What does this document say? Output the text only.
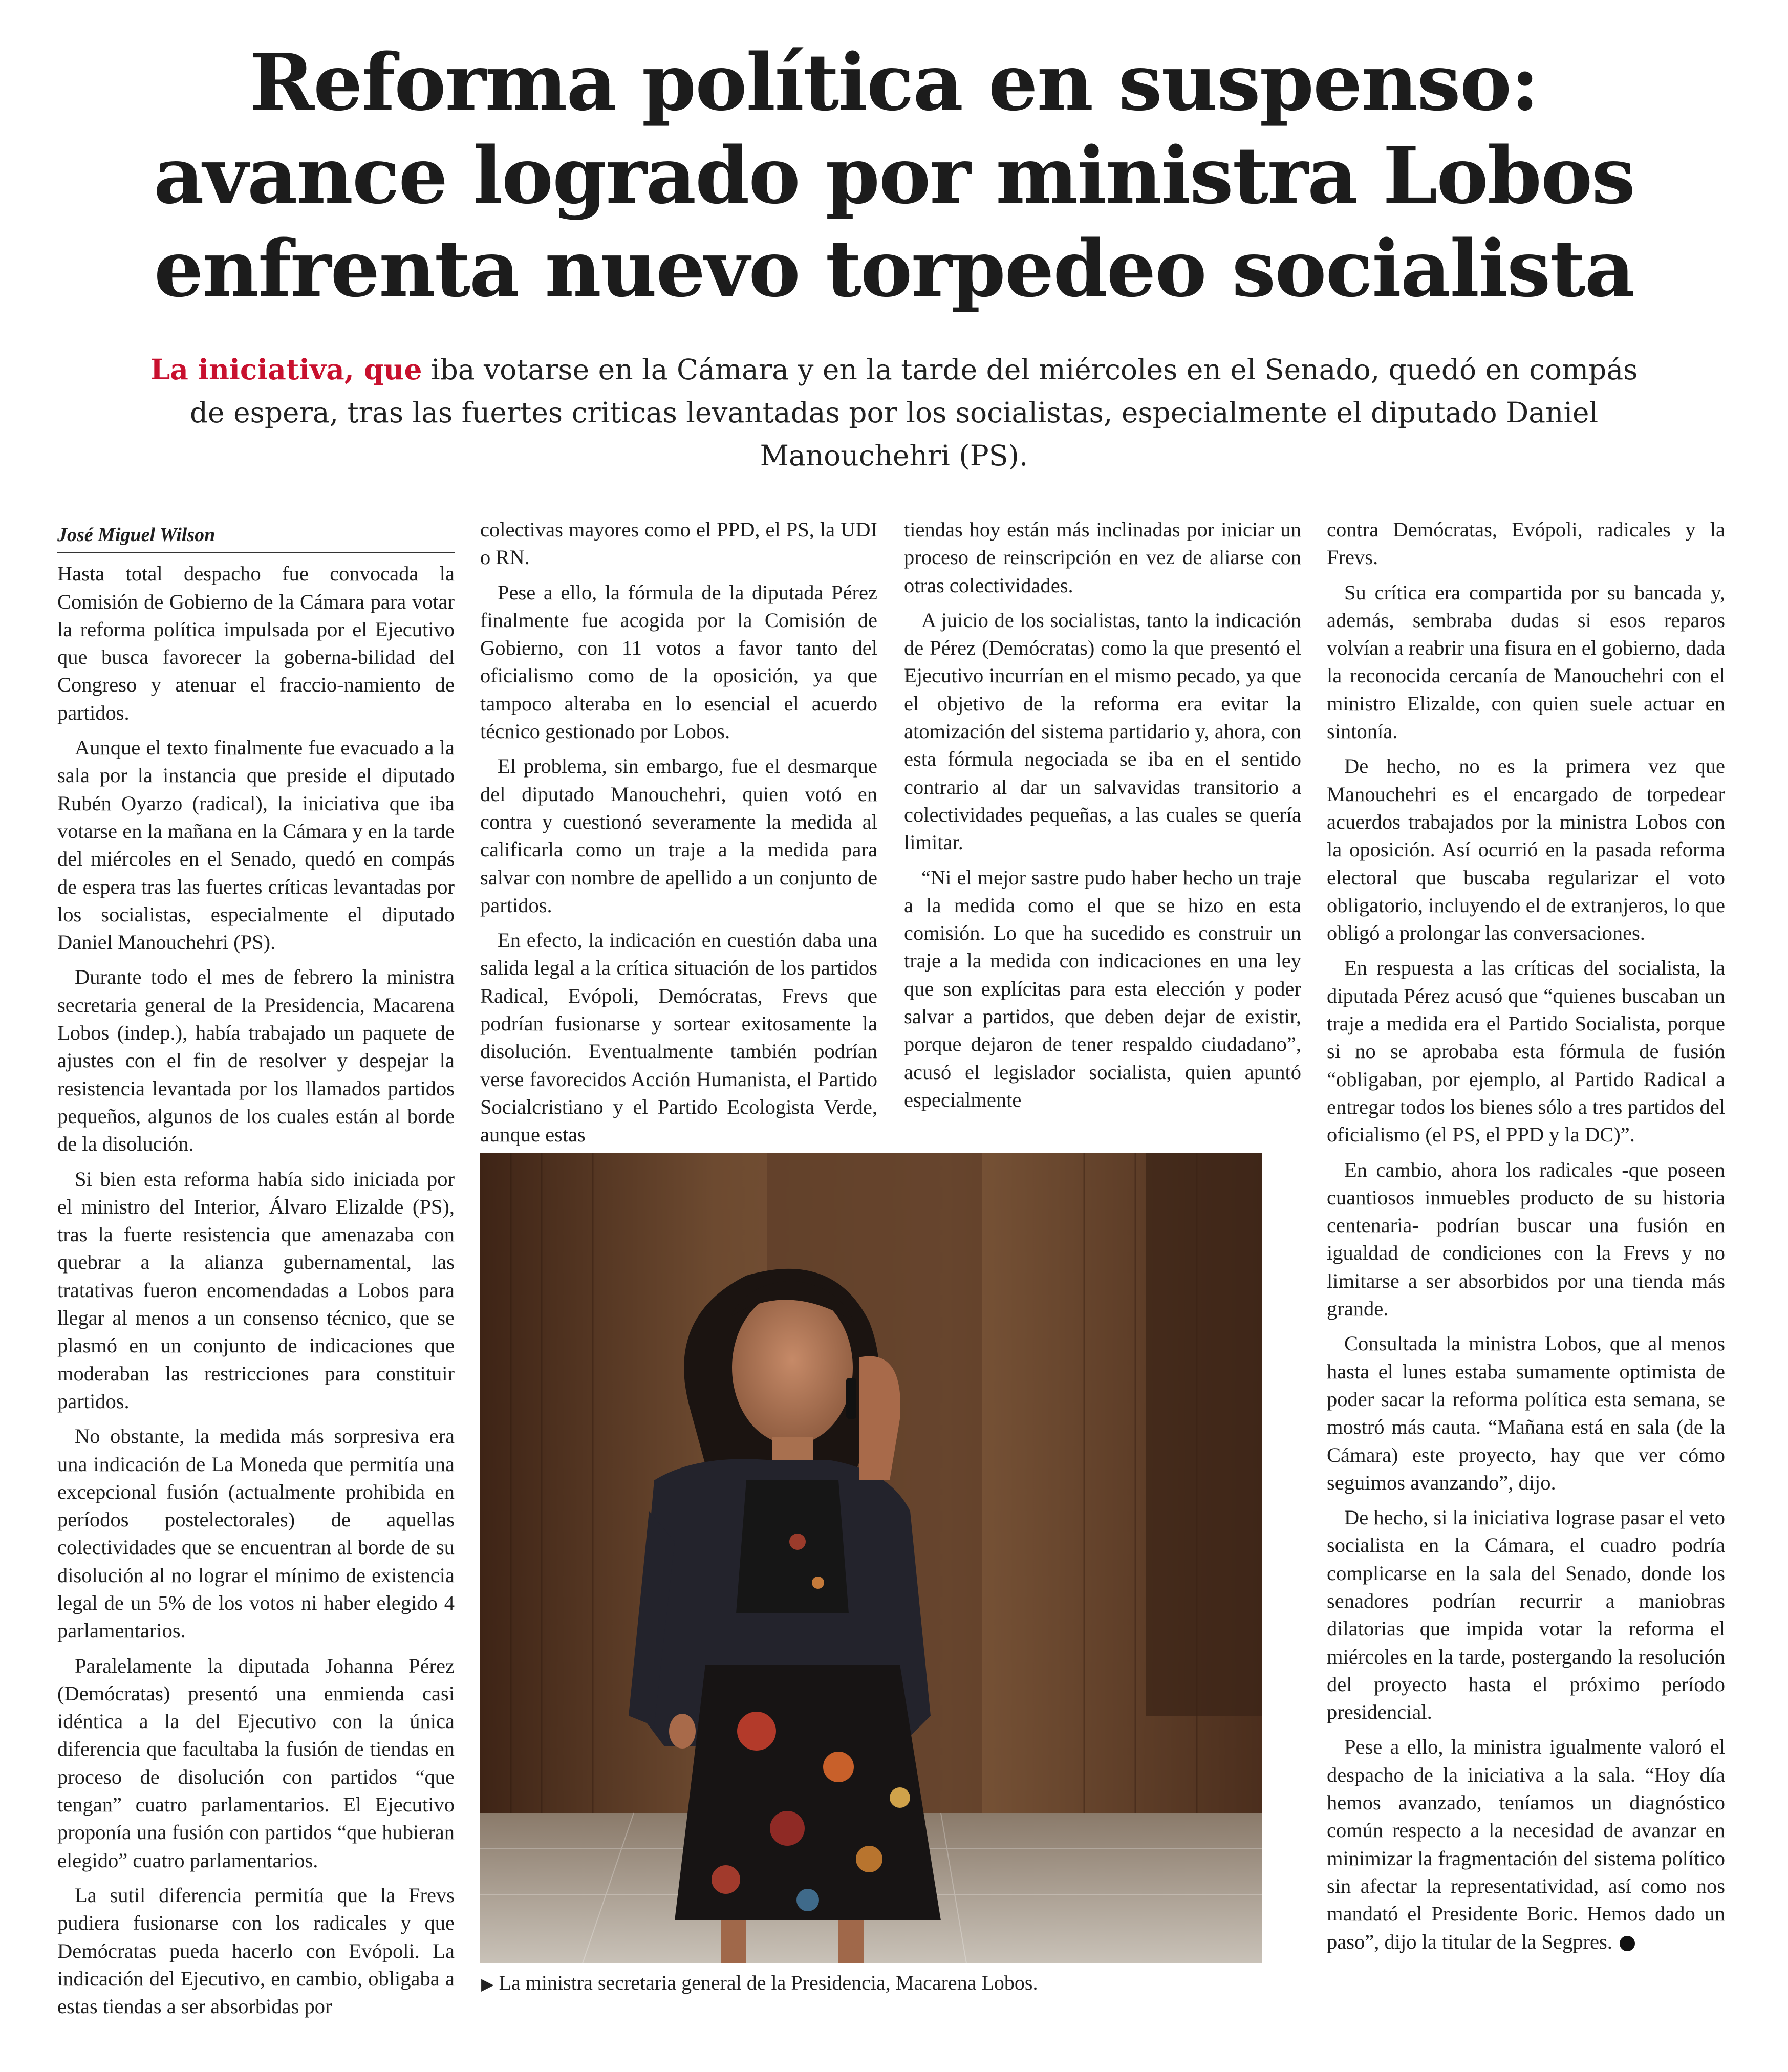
Reforma política en suspenso:
avance logrado por ministra Lobos
enfrenta nuevo torpedeo socialista
La iniciativa, que iba votarse en la Cámara y en la tarde del miércoles en el Senado, quedó en compás
de espera, tras las fuertes criticas levantadas por los socialistas, especialmente el diputado Daniel Manouchehri (PS).

José Miguel Wilson

Hasta total despacho fue convocada la Comisión de Gobierno de la Cámara para votar la reforma política impulsada por el Ejecutivo que busca favorecer la goberna-bilidad del Congreso y atenuar el fraccio-namiento de partidos.

Aunque el texto finalmente fue evacuado a la sala por la instancia que preside el diputado Rubén Oyarzo (radical), la iniciativa que iba votarse en la mañana en la Cámara y en la tarde del miércoles en el Senado, quedó en compás de espera tras las fuertes críticas levantadas por los socialistas, especialmente el diputado Daniel Manouchehri (PS).

Durante todo el mes de febrero la ministra secretaria general de la Presidencia, Macarena Lobos (indep.), había trabajado un paquete de ajustes con el fin de resolver y despejar la resistencia levantada por los llamados partidos pequeños, algunos de los cuales están al borde de la disolución.

Si bien esta reforma había sido iniciada por el ministro del Interior, Álvaro Elizalde (PS), tras la fuerte resistencia que amenazaba con quebrar a la alianza gubernamental, las tratativas fueron encomendadas a Lobos para llegar al menos a un consenso técnico, que se plasmó en un conjunto de indicaciones que moderaban las restricciones para constituir partidos.

No obstante, la medida más sorpresiva era una indicación de La Moneda que permitía una excepcional fusión (actualmente prohibida en períodos postelectorales) de aquellas colectividades que se encuentran al borde de su disolución al no lograr el mínimo de existencia legal de un 5% de los votos ni haber elegido 4 parlamentarios.

Paralelamente la diputada Johanna Pérez (Demócratas) presentó una enmienda casi idéntica a la del Ejecutivo con la única diferencia que facultaba la fusión de tiendas en proceso de disolución con partidos “que tengan” cuatro parlamentarios. El Ejecutivo proponía una fusión con partidos “que hubieran elegido” cuatro parlamentarios.

La sutil diferencia permitía que la Frevs pudiera fusionarse con los radicales y que Demócratas pueda hacerlo con Evópoli. La indicación del Ejecutivo, en cambio, obligaba a estas tiendas a ser absorbidas por

colectivas mayores como el PPD, el PS, la UDI o RN.

Pese a ello, la fórmula de la diputada Pérez finalmente fue acogida por la Comisión de Gobierno, con 11 votos a favor tanto del oficialismo como de la oposición, ya que tampoco alteraba en lo esencial el acuerdo técnico gestionado por Lobos.

El problema, sin embargo, fue el desmarque del diputado Manouchehri, quien votó en contra y cuestionó severamente la medida al calificarla como un traje a la medida para salvar con nombre de apellido a un conjunto de partidos.

En efecto, la indicación en cuestión daba una salida legal a la crítica situación de los partidos Radical, Evópoli, Demócratas, Frevs que podrían fusionarse y sortear exitosamente la disolución. Eventualmente también podrían verse favorecidos Acción Humanista, el Partido Socialcristiano y el Partido Ecologista Verde, aunque estas

tiendas hoy están más inclinadas por iniciar un proceso de reinscripción en vez de aliarse con otras colectividades.

A juicio de los socialistas, tanto la indicación de Pérez (Demócratas) como la que presentó el Ejecutivo incurrían en el mismo pecado, ya que el objetivo de la reforma era evitar la atomización del sistema partidario y, ahora, con esta fórmula negociada se iba en el sentido contrario al dar un salvavidas transitorio a colectividades pequeñas, a las cuales se quería limitar.

“Ni el mejor sastre pudo haber hecho un traje a la medida como el que se hizo en esta comisión. Lo que ha sucedido es construir un traje a la medida con indicaciones en una ley que son explícitas para esta elección y poder salvar a partidos, que deben dejar de existir, porque dejaron de tener respaldo ciudadano”, acusó el legislador socialista, quien apuntó especialmente

contra Demócratas, Evópoli, radicales y la Frevs.

Su crítica era compartida por su bancada y, además, sembraba dudas si esos reparos volvían a reabrir una fisura en el gobierno, dada la reconocida cercanía de Manouchehri con el ministro Elizalde, con quien suele actuar en sintonía.

De hecho, no es la primera vez que Manouchehri es el encargado de torpedear acuerdos trabajados por la ministra Lobos con la oposición. Así ocurrió en la pasada reforma electoral que buscaba regularizar el voto obligatorio, incluyendo el de extranjeros, lo que obligó a prolongar las conversaciones.

En respuesta a las críticas del socialista, la diputada Pérez acusó que “quienes buscaban un traje a medida era el Partido Socialista, porque si no se aprobaba esta fórmula de fusión “obligaban, por ejemplo, al Partido Radical a entregar todos los bienes sólo a tres partidos del oficialismo (el PS, el PPD y la DC)”.

En cambio, ahora los radicales -que poseen cuantiosos inmuebles producto de su historia centenaria- podrían buscar una fusión en igualdad de condiciones con la Frevs y no limitarse a ser absorbidos por una tienda más grande.

Consultada la ministra Lobos, que al menos hasta el lunes estaba sumamente optimista de poder sacar la reforma política esta semana, se mostró más cauta. “Mañana está en sala (de la Cámara) este proyecto, hay que ver cómo seguimos avanzando”, dijo.

De hecho, si la iniciativa lograse pasar el veto socialista en la Cámara, el cuadro podría complicarse en la sala del Senado, donde los senadores podrían recurrir a maniobras dilatorias que impida votar la reforma el miércoles en la tarde, postergando la resolución del proyecto hasta el próximo período presidencial.

Pese a ello, la ministra igualmente valoró el despacho de la iniciativa a la sala. “Hoy día hemos avanzado, teníamos un diagnóstico común respecto a la necesidad de avanzar en minimizar la fragmentación del sistema político sin afectar la representatividad, así como nos mandató el Presidente Boric. Hemos dado un paso”, dijo la titular de la Segpres.

▶ La ministra secretaria general de la Presidencia, Macarena Lobos.
